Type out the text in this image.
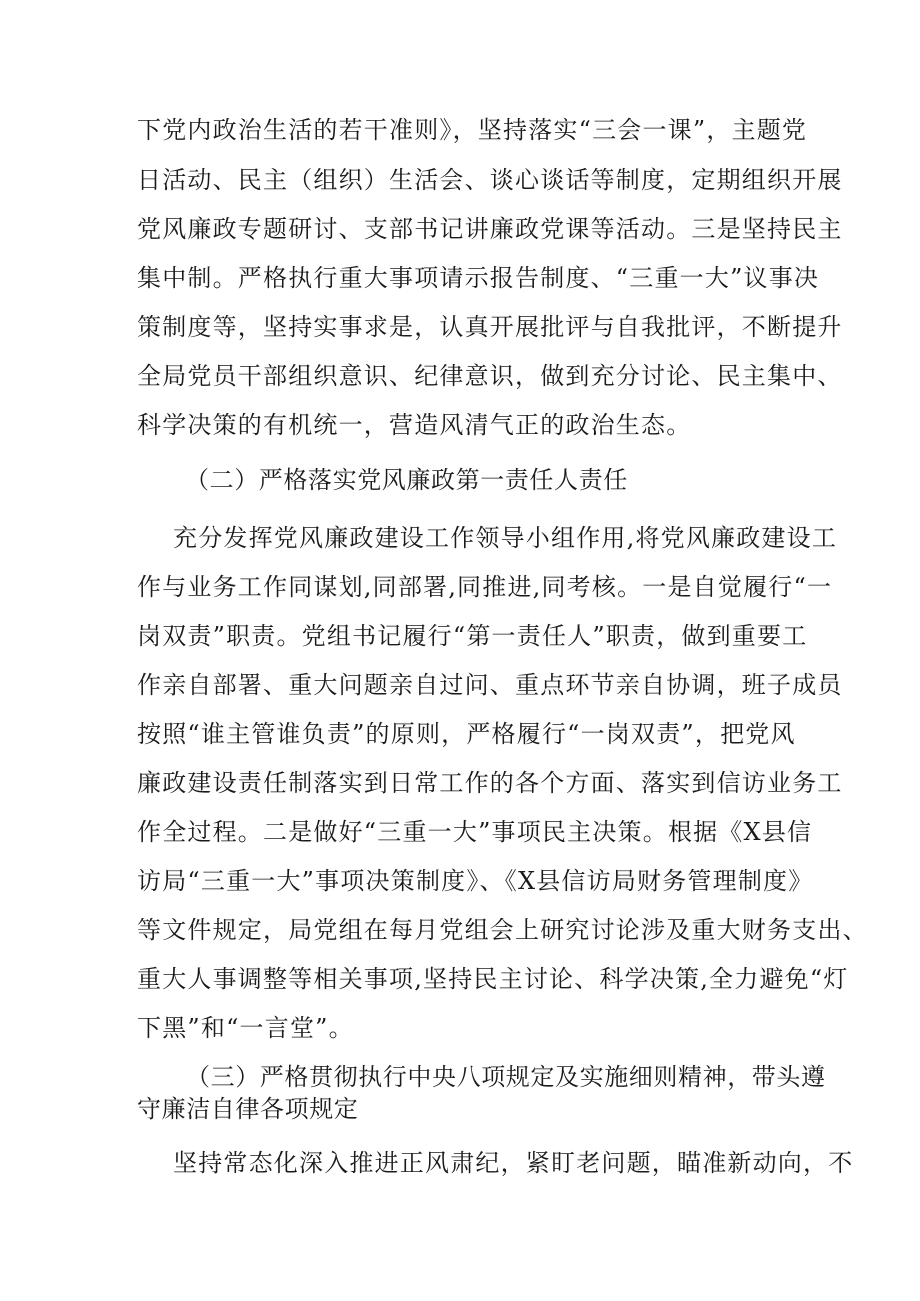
下党内政治生活的若干准则》，坚持落实“三会一课”，主题党
日活动、民主（组织）生活会、谈心谈话等制度，定期组织开展
党风廉政专题研讨、支部书记讲廉政党课等活动。三是坚持民主
集中制。严格执行重大事项请示报告制度、“三重一大”议事决
策制度等，坚持实事求是，认真开展批评与自我批评，不断提升
全局党员干部组织意识、纪律意识，做到充分讨论、民主集中、
科学决策的有机统一，营造风清气正的政治生态。
（二）严格落实党风廉政第一责任人责任
充分发挥党风廉政建设工作领导小组作用,将党风廉政建设工
作与业务工作同谋划,同部署,同推进,同考核。一是自觉履行“一
岗双责”职责。党组书记履行“第一责任人”职责，做到重要工
作亲自部署、重大问题亲自过问、重点环节亲自协调，班子成员
按照“谁主管谁负责”的原则，严格履行“一岗双责”，把党风
廉政建设责任制落实到日常工作的各个方面、落实到信访业务工
作全过程。二是做好“三重一大”事项民主决策。根据《X县信
访局“三重一大”事项决策制度》、《X县信访局财务管理制度》
等文件规定，局党组在每月党组会上研究讨论涉及重大财务支出、
重大人事调整等相关事项,坚持民主讨论、科学决策,全力避免“灯
下黑”和“一言堂”。
（三）严格贯彻执行中央八项规定及实施细则精神，带头遵
守廉洁自律各项规定
坚持常态化深入推进正风肃纪，紧盯老问题，瞄准新动向，不
